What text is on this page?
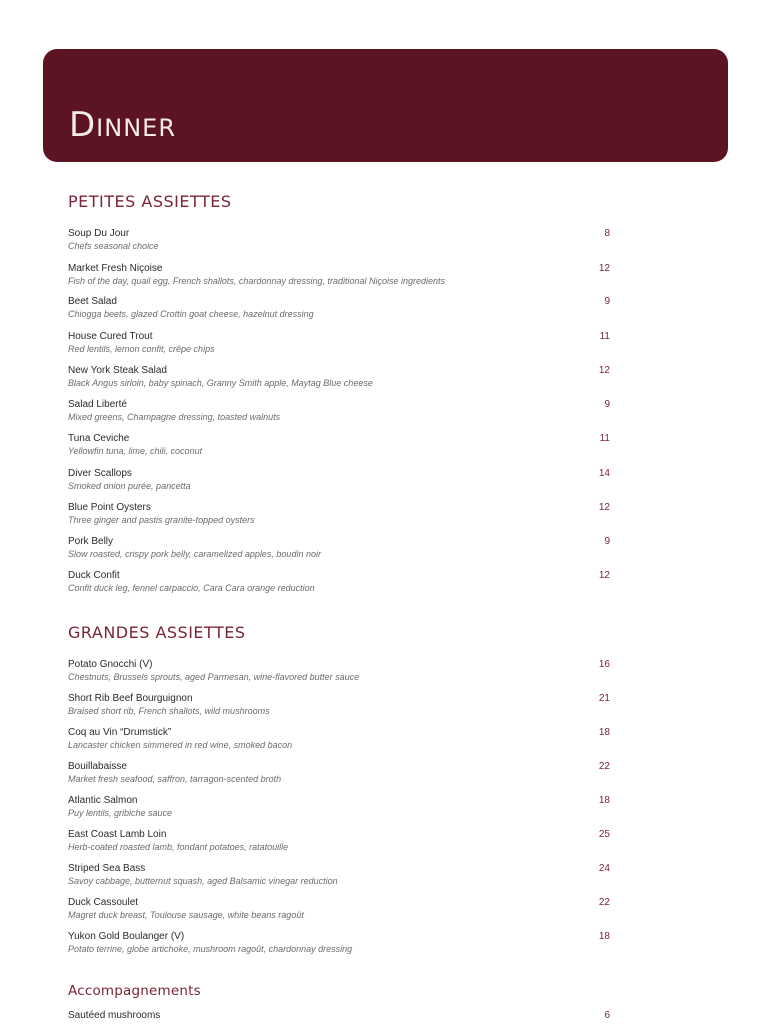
Dinner
PETITES ASSIETTES
Soup Du Jour
Chefs seasonal choice
8
Market Fresh Niçoise
Fish of the day, quail egg, French shallots, chardonnay dressing, traditional Niçoise ingredients
12
Beet Salad
Chiogga beets, glazed Crottin goat cheese, hazelnut dressing
9
House Cured Trout
Red lentils, lemon confit, crêpe chips
11
New York Steak Salad
Black Angus sirloin, baby spinach, Granny Smith apple, Maytag Blue cheese
12
Salad Liberté
Mixed greens, Champagne dressing, toasted walnuts
9
Tuna Ceviche
Yellowfin tuna, lime, chili, coconut
11
Diver Scallops
Smoked onion purée, pancetta
14
Blue Point Oysters
Three ginger and pastis granite-topped oysters
12
Pork Belly
Slow roasted, crispy pork belly, caramelized apples, boudin noir
9
Duck Confit
Confit duck leg, fennel carpaccio, Cara Cara orange reduction
12
GRANDES ASSIETTES
Potato Gnocchi (V)
Chestnuts, Brussels sprouts, aged Parmesan, wine-flavored butter sauce
16
Short Rib Beef Bourguignon
Braised short rib, French shallots, wild mushrooms
21
Coq au Vin “Drumstick”
Lancaster chicken simmered in red wine, smoked bacon
18
Bouillabaisse
Market fresh seafood, saffron, tarragon-scented broth
22
Atlantic Salmon
Puy lentils, gribiche sauce
18
East Coast Lamb Loin
Herb-coated roasted lamb, fondant potatoes, ratatouille
25
Striped Sea Bass
Savoy cabbage, butternut squash, aged Balsamic vinegar reduction
24
Duck Cassoulet
Magret duck breast, Toulouse sausage, white beans ragoût
22
Yukon Gold Boulanger (V)
Potato terrine, globe artichoke, mushroom ragoût, chardonnay dressing
18
Accompagnements
Sautéed mushrooms	6
